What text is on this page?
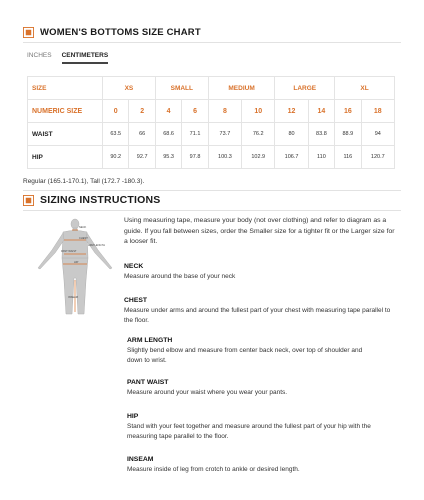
WOMEN'S BOTTOMS SIZE CHART
INCHES CENTIMETERS
SIZE	XS		SMALL		MEDIUM		LARGE		XL	
NUMERIC SIZE	0	2	4	6	8	10	12	14	16	18
WAIST	63.5	66	68.6	71.1	73.7	76.2	80	83.8	88.9	94
HIP	90.2	92.7	95.3	97.8	100.3	102.9	106.7	110	116	120.7
Regular (165.1-170.1), Tall (172.7 -180.3).
SIZING INSTRUCTIONS
NECK
CHEST
ARM LENGTH
PANT WAIST
HIP
INSEAM
Using measuring tape, measure your body (not over clothing) and refer to diagram as a guide. If you fall between sizes, order the Smaller size for a tighter fit or the Larger size for a looser fit.
NECK
Measure around the base of your neck
CHEST
Measure under arms and around the fullest part of your chest with measuring tape parallel to the floor.
ARM LENGTH
Slightly bend elbow and measure from center back neck, over top of shoulder and down to wrist.
PANT WAIST
Measure around your waist where you wear your pants.
HIP
Stand with your feet together and measure around the fullest part of your hip with the measuring tape parallel to the floor.
INSEAM
Measure inside of leg from crotch to ankle or desired length.
